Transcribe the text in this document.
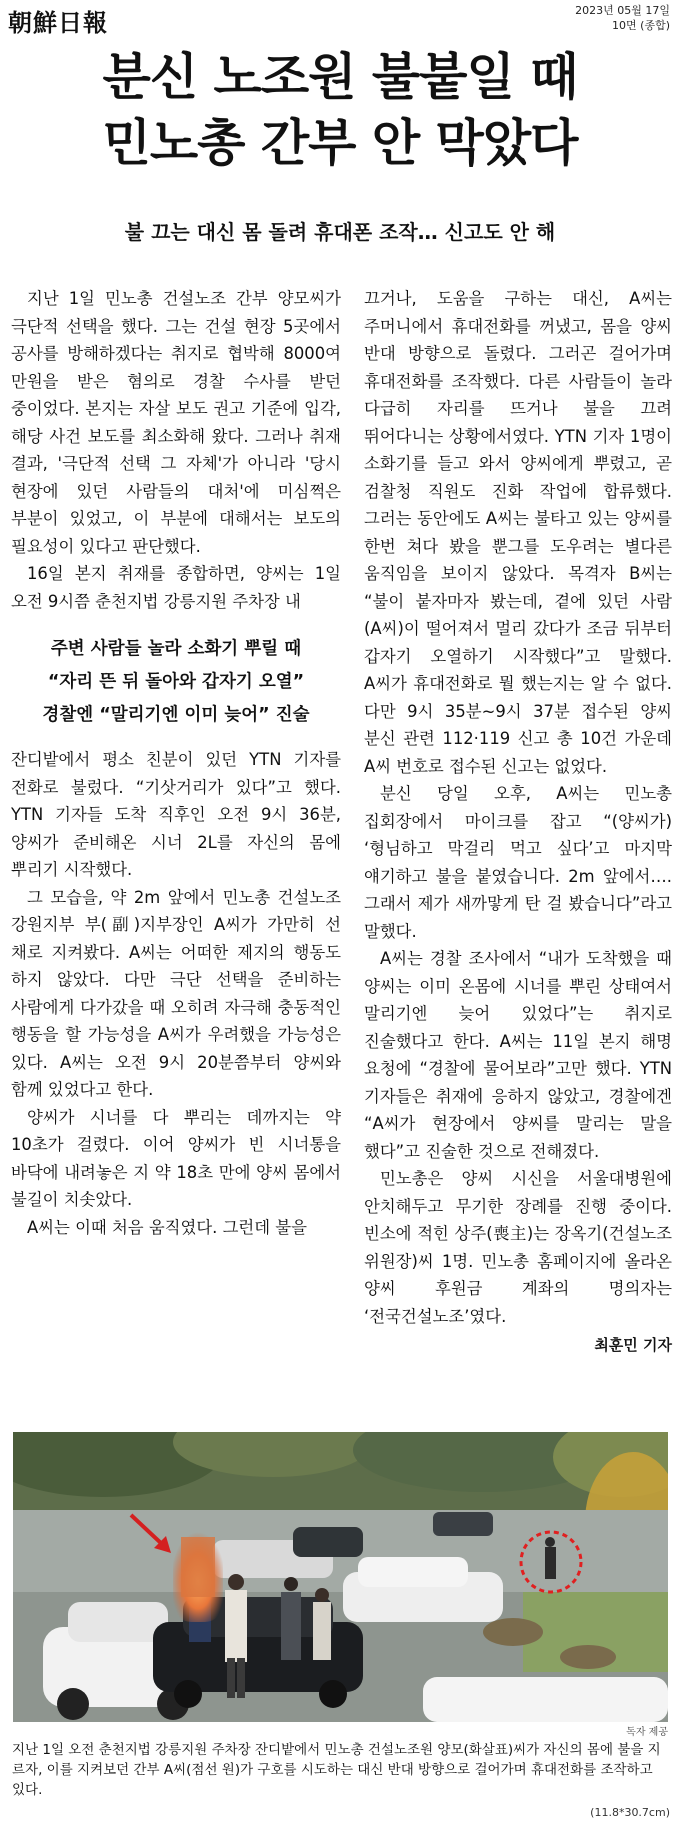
朝鮮日報	2023년 05월 17일
10면 (종합)
분신 노조원 불붙일 때
민노총 간부 안 막았다
불 끄는 대신 몸 돌려 휴대폰 조작… 신고도 안 해

지난 1일 민노총 건설노조 간부 양모씨가 극단적 선택을 했다. 그는 건설 현장 5곳에서 공사를 방해하겠다는 취지로 협박해 8000여 만원을 받은 혐의로 경찰 수사를 받던 중이었다. 본지는 자살 보도 권고 기준에 입각, 해당 사건 보도를 최소화해 왔다. 그러나 취재 결과, '극단적 선택 그 자체'가 아니라 '당시 현장에 있던 사람들의 대처'에 미심쩍은 부분이 있었고, 이 부분에 대해서는 보도의 필요성이 있다고 판단했다.

16일 본지 취재를 종합하면, 양씨는 1일 오전 9시쯤 춘천지법 강릉지원 주차장 내

주변 사람들 놀라 소화기 뿌릴 때
“자리 뜬 뒤 돌아와 갑자기 오열”
경찰엔 “말리기엔 이미 늦어” 진술

잔디밭에서 평소 친분이 있던 YTN 기자를 전화로 불렀다. “기삿거리가 있다”고 했다. YTN 기자들 도착 직후인 오전 9시 36분, 양씨가 준비해온 시너 2L를 자신의 몸에 뿌리기 시작했다.

그 모습을, 약 2m 앞에서 민노총 건설노조 강원지부 부(副)지부장인 A씨가 가만히 선 채로 지켜봤다. A씨는 어떠한 제지의 행동도 하지 않았다. 다만 극단 선택을 준비하는 사람에게 다가갔을 때 오히려 자극해 충동적인 행동을 할 가능성을 A씨가 우려했을 가능성은 있다. A씨는 오전 9시 20분쯤부터 양씨와 함께 있었다고 한다.

양씨가 시너를 다 뿌리는 데까지는 약 10초가 걸렸다. 이어 양씨가 빈 시너통을 바닥에 내려놓은 지 약 18초 만에 양씨 몸에서 불길이 치솟았다.

A씨는 이때 처음 움직였다. 그런데 불을

끄거나, 도움을 구하는 대신, A씨는 주머니에서 휴대전화를 꺼냈고, 몸을 양씨 반대 방향으로 돌렸다. 그러곤 걸어가며 휴대전화를 조작했다. 다른 사람들이 놀라 다급히 자리를 뜨거나 불을 끄려 뛰어다니는 상황에서였다. YTN 기자 1명이 소화기를 들고 와서 양씨에게 뿌렸고, 곧 검찰청 직원도 진화 작업에 합류했다. 그러는 동안에도 A씨는 불타고 있는 양씨를 한번 쳐다 봤을 뿐그를 도우려는 별다른 움직임을 보이지 않았다. 목격자 B씨는 “불이 붙자마자 봤는데, 곁에 있던 사람(A씨)이 떨어져서 멀리 갔다가 조금 뒤부터 갑자기 오열하기 시작했다”고 말했다. A씨가 휴대전화로 뭘 했는지는 알 수 없다. 다만 9시 35분~9시 37분 접수된 양씨 분신 관련 112·119 신고 총 10건 가운데 A씨 번호로 접수된 신고는 없었다.

분신 당일 오후, A씨는 민노총 집회장에서 마이크를 잡고 “(양씨가) ‘형님하고 막걸리 먹고 싶다’고 마지막 얘기하고 불을 붙였습니다. 2m 앞에서…. 그래서 제가 새까맣게 탄 걸 봤습니다”라고 말했다.

A씨는 경찰 조사에서 “내가 도착했을 때 양씨는 이미 온몸에 시너를 뿌린 상태여서 말리기엔 늦어 있었다”는 취지로 진술했다고 한다. A씨는 11일 본지 해명 요청에 “경찰에 물어보라”고만 했다. YTN 기자들은 취재에 응하지 않았고, 경찰에겐 “A씨가 현장에서 양씨를 말리는 말을 했다”고 진술한 것으로 전해졌다.

민노총은 양씨 시신을 서울대병원에 안치해두고 무기한 장례를 진행 중이다. 빈소에 적힌 상주(喪主)는 장옥기(건설노조 위원장)씨 1명. 민노총 홈페이지에 올라온 양씨 후원금 계좌의 명의자는 ‘전국건설노조’였다.

최훈민 기자
독자 제공
지난 1일 오전 춘천지법 강릉지원 주차장 잔디밭에서 민노총 건설노조원 양모(화살표)씨가 자신의 몸에 불을 지르자, 이를 지켜보던 간부 A씨(점선 원)가 구호를 시도하는 대신 반대 방향으로 걸어가며 휴대전화를 조작하고 있다.
(11.8*30.7cm)
